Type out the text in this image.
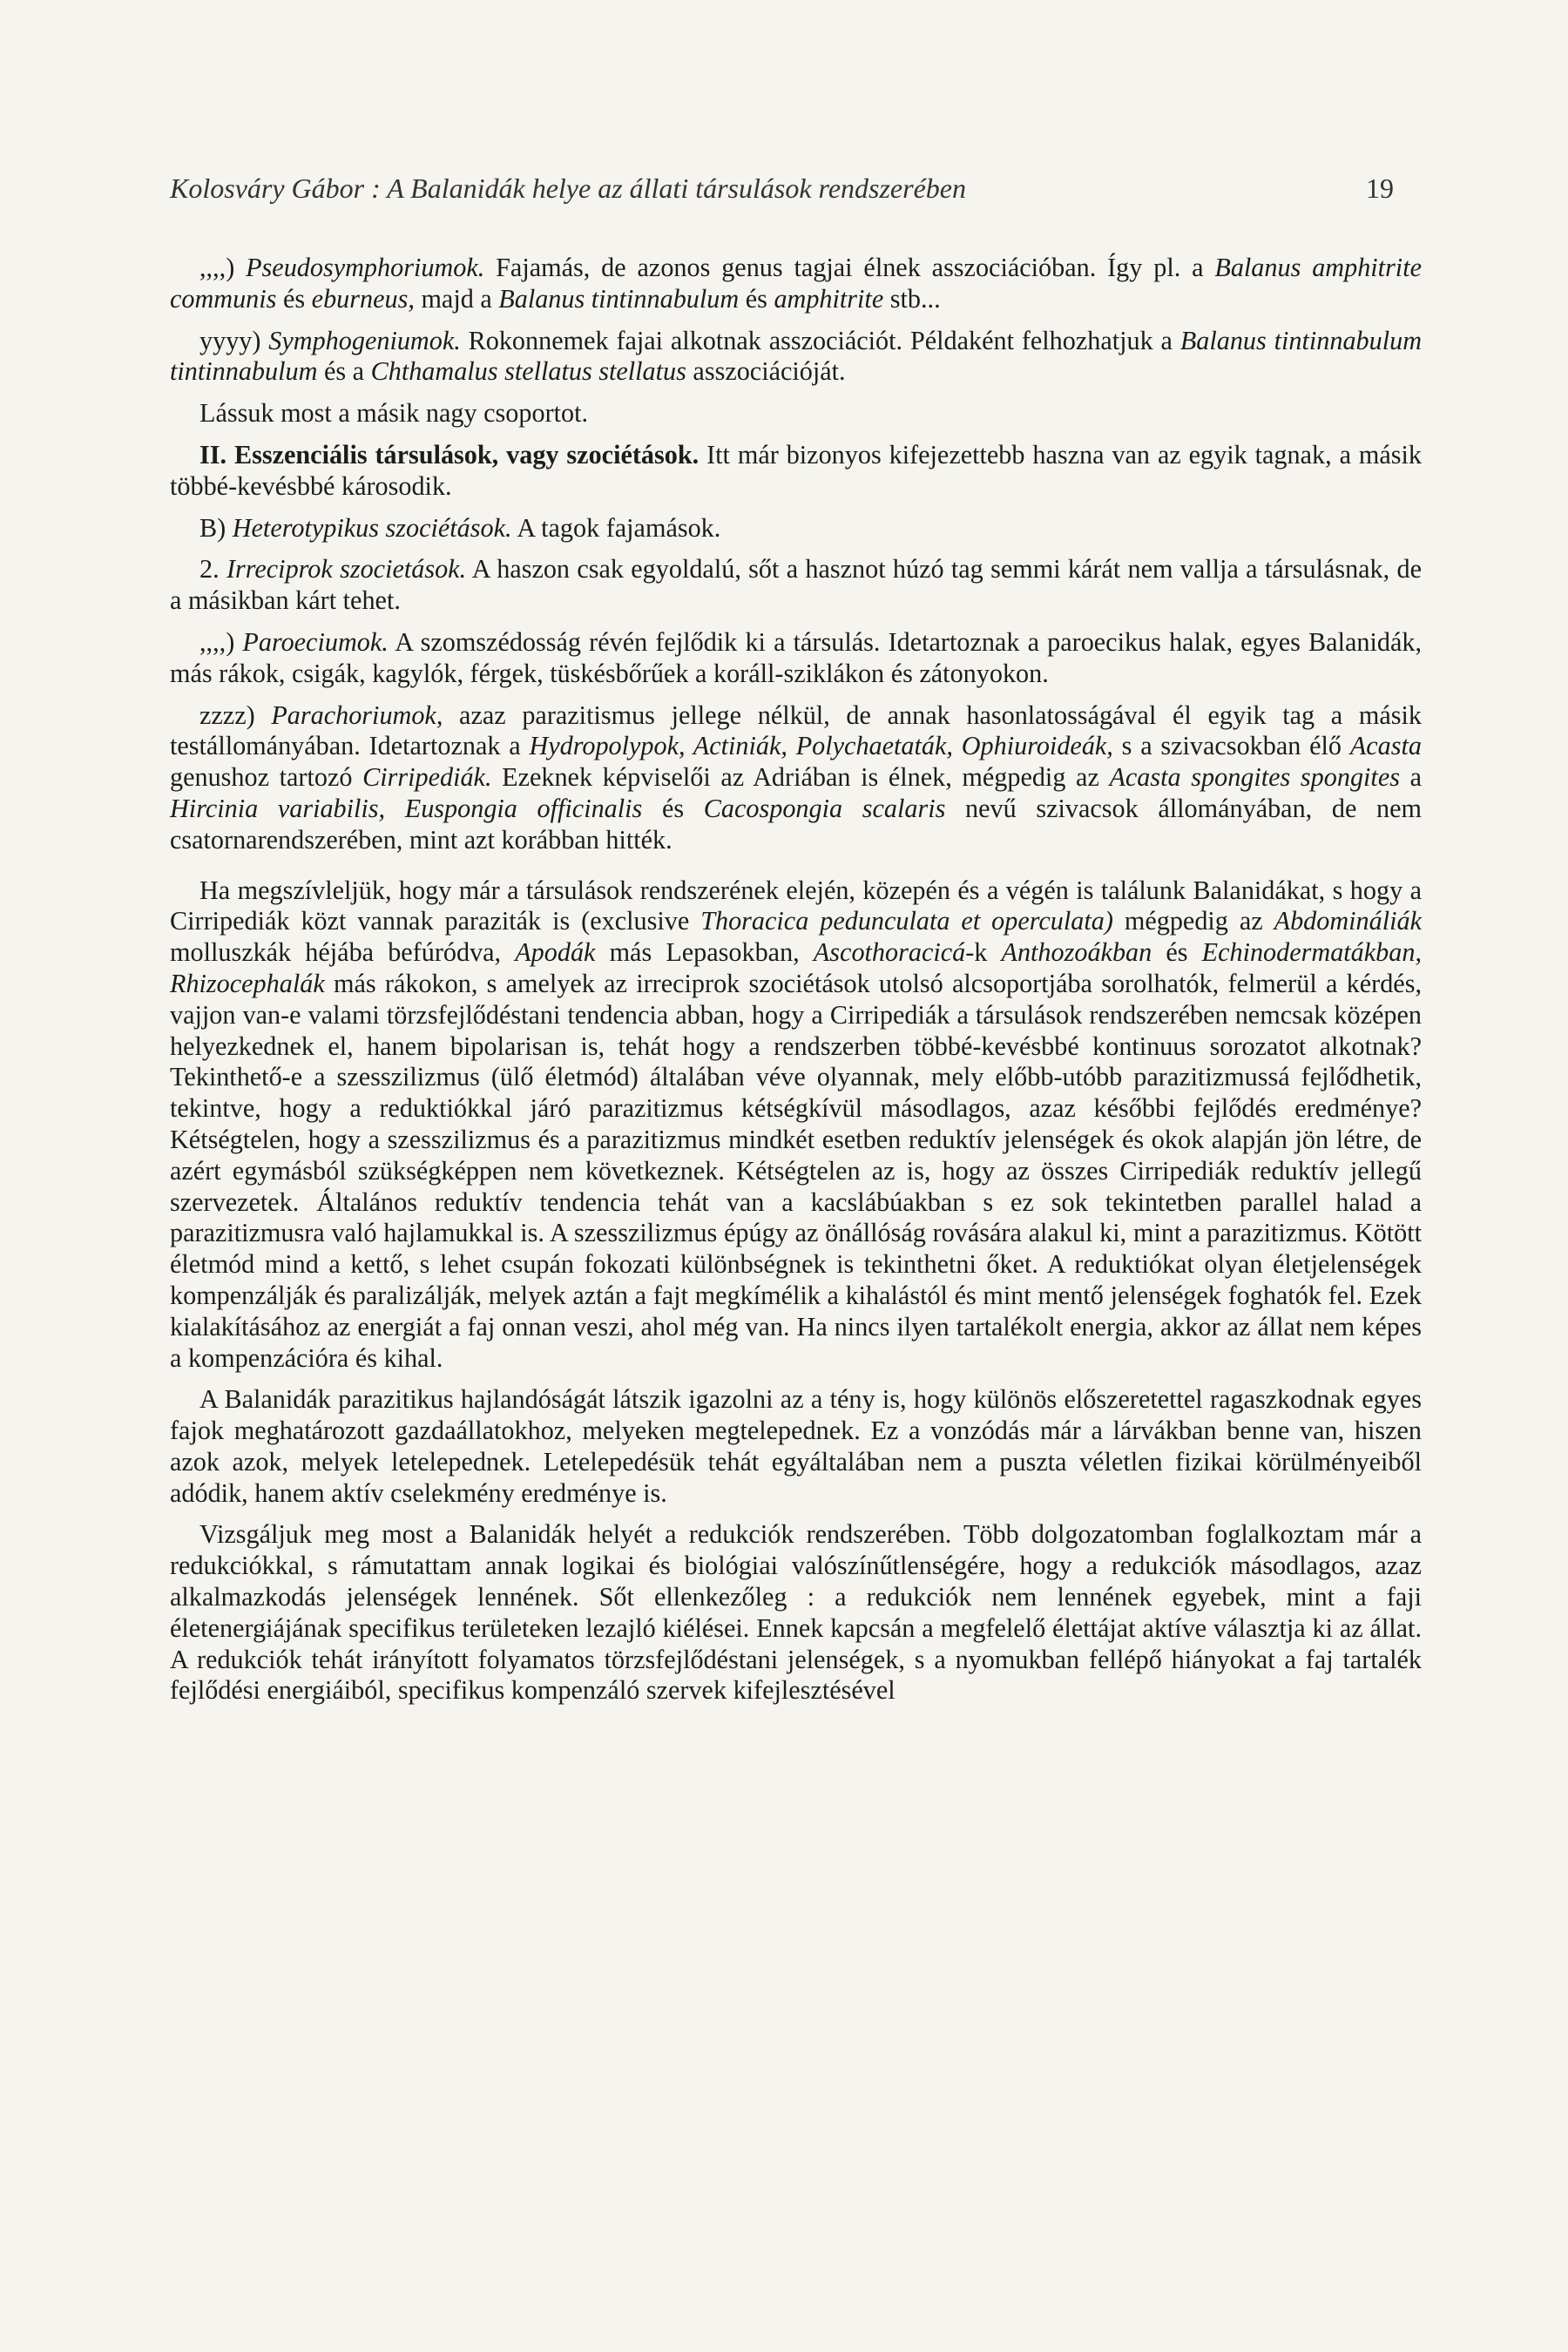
Kolosváry Gábor : A Balanidák helye az állati társulások rendszerében	19

,,,,) Pseudosymphoriumok. Fajamás, de azonos genus tagjai élnek asszociációban. Így pl. a Balanus amphitrite communis és eburneus, majd a Balanus tintinnabulum és amphitrite stb...

yyyy) Symphogeniumok. Rokonnemek fajai alkotnak asszociációt. Példaként felhozhatjuk a Balanus tintinnabulum tintinnabulum és a Chthamalus stellatus stellatus asszociációját.

Lássuk most a másik nagy csoportot.

II. Esszenciális társulások, vagy szociétások. Itt már bizonyos kifejezettebb haszna van az egyik tagnak, a másik többé-kevésbbé károsodik.

B) Heterotypikus szociétások. A tagok fajamások.

2. Irreciprok szocietások. A haszon csak egyoldalú, sőt a hasznot húzó tag semmi kárát nem vallja a társulásnak, de a másikban kárt tehet.

,,,,) Paroeciumok. A szomszédosság révén fejlődik ki a társulás. Idetartoznak a paroecikus halak, egyes Balanidák, más rákok, csigák, kagylók, férgek, tüskésbőrűek a koráll-sziklákon és zátonyokon.

zzzz) Parachoriumok, azaz parazitismus jellege nélkül, de annak hasonlatosságával él egyik tag a másik testállományában. Idetartoznak a Hydropolypok, Actiniák, Polychaetaták, Ophiuroideák, s a szivacsokban élő Acasta genushoz tartozó Cirripediák. Ezeknek képviselői az Adriában is élnek, mégpedig az Acasta spongites spongites a Hircinia variabilis, Euspongia officinalis és Cacospongia scalaris nevű szivacsok állományában, de nem csatornarendszerében, mint azt korábban hitték.

Ha megszívleljük, hogy már a társulások rendszerének elején, közepén és a végén is találunk Balanidákat, s hogy a Cirripediák közt vannak paraziták is (exclusive Thoracica pedunculata et operculata) mégpedig az Abdomináliák molluszkák héjába befúródva, Apodák más Lepasokban, Ascothoracicá-k Anthozoákban és Echinodermatákban, Rhizocephalák más rákokon, s amelyek az irreciprok szociétások utolsó alcsoportjába sorolhatók, felmerül a kérdés, vajjon van-e valami törzsfejlődéstani tendencia abban, hogy a Cirripediák a társulások rendszerében nemcsak középen helyezkednek el, hanem bipolarisan is, tehát hogy a rendszerben többé-kevésbbé kontinuus sorozatot alkotnak? Tekinthető-e a szesszilizmus (ülő életmód) általában véve olyannak, mely előbb-utóbb parazitizmussá fejlődhetik, tekintve, hogy a reduktiókkal járó parazitizmus kétségkívül másodlagos, azaz későbbi fejlődés eredménye? Kétségtelen, hogy a szesszilizmus és a parazitizmus mindkét esetben reduktív jelenségek és okok alapján jön létre, de azért egymásból szükségképpen nem következnek. Kétségtelen az is, hogy az összes Cirripediák reduktív jellegű szervezetek. Általános reduktív tendencia tehát van a kacslábúakban s ez sok tekintetben parallel halad a parazitizmusra való hajlamukkal is. A szesszilizmus épúgy az önállóság rovására alakul ki, mint a parazitizmus. Kötött életmód mind a kettő, s lehet csupán fokozati különbségnek is tekinthetni őket. A reduktiókat olyan életjelenségek kompenzálják és paralizálják, melyek aztán a fajt megkímélik a kihalástól és mint mentő jelenségek foghatók fel. Ezek kialakításához az energiát a faj onnan veszi, ahol még van. Ha nincs ilyen tartalékolt energia, akkor az állat nem képes a kompenzációra és kihal.

A Balanidák parazitikus hajlandóságát látszik igazolni az a tény is, hogy különös előszeretettel ragaszkodnak egyes fajok meghatározott gazdaállatokhoz, melyeken megtelepednek. Ez a vonzódás már a lárvákban benne van, hiszen azok azok, melyek letelepednek. Letelepedésük tehát egyáltalában nem a puszta véletlen fizikai körülményeiből adódik, hanem aktív cselekmény eredménye is.

Vizsgáljuk meg most a Balanidák helyét a redukciók rendszerében. Több dolgozatomban foglalkoztam már a redukciókkal, s rámutattam annak logikai és biológiai valószínűtlenségére, hogy a redukciók másodlagos, azaz alkalmazkodás jelenségek lennének. Sőt ellenkezőleg : a redukciók nem lennének egyebek, mint a faji életenergiájának specifikus területeken lezajló kiélései. Ennek kapcsán a megfelelő élettájat aktíve választja ki az állat. A redukciók tehát irányított folyamatos törzsfejlődéstani jelenségek, s a nyomukban fellépő hiányokat a faj tartalék fejlődési energiáiból, specifikus kompenzáló szervek kifejlesztésével
